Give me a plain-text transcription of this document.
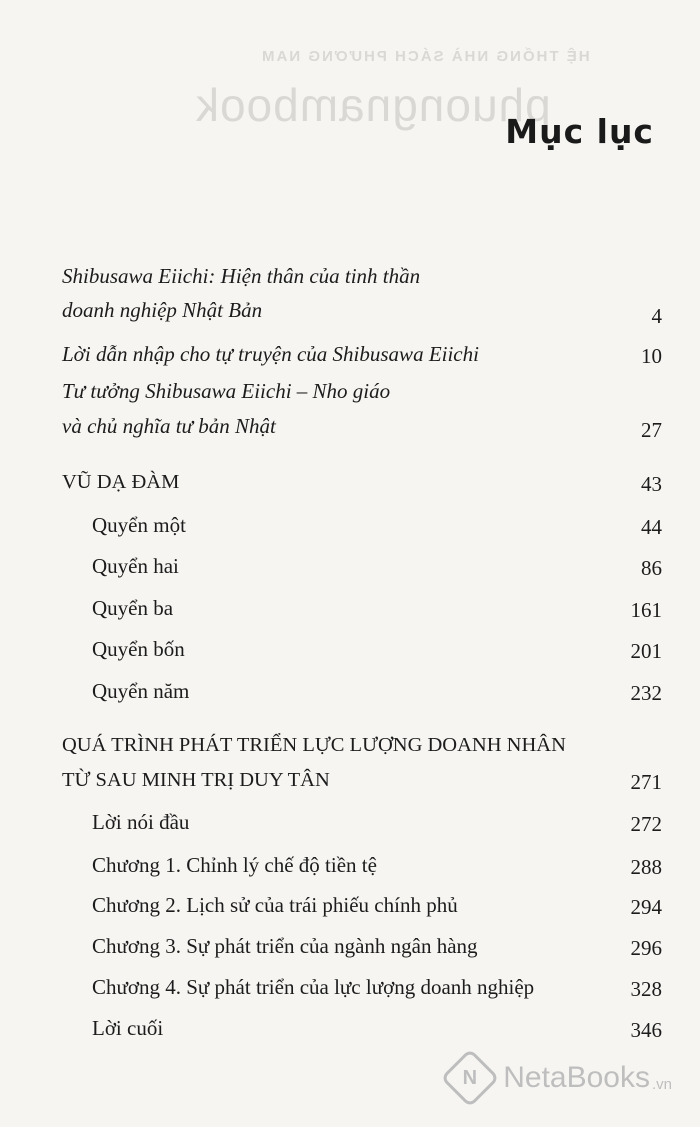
HỆ THỐNG NHÀ SÁCH PHƯƠNG NAM
phuongnambook
Mục lục
Shibusawa Eiichi: Hiện thân của tinh thần
doanh nghiệp Nhật Bản	4
Lời dẫn nhập cho tự truyện của Shibusawa Eiichi	10
Tư tưởng Shibusawa Eiichi – Nho giáo
và chủ nghĩa tư bản Nhật	27
VŨ DẠ ĐÀM	43
Quyển một	44
Quyển hai	86
Quyển ba	161
Quyển bốn	201
Quyển năm	232
QUÁ TRÌNH PHÁT TRIỂN LỰC LƯỢNG DOANH NHÂN
TỪ SAU MINH TRỊ DUY TÂN	271
Lời nói đầu	272
Chương 1. Chỉnh lý chế độ tiền tệ	288
Chương 2. Lịch sử của trái phiếu chính phủ	294
Chương 3. Sự phát triển của ngành ngân hàng	296
Chương 4. Sự phát triển của lực lượng doanh nghiệp	328
Lời cuối	346
N NetaBooks .vn
